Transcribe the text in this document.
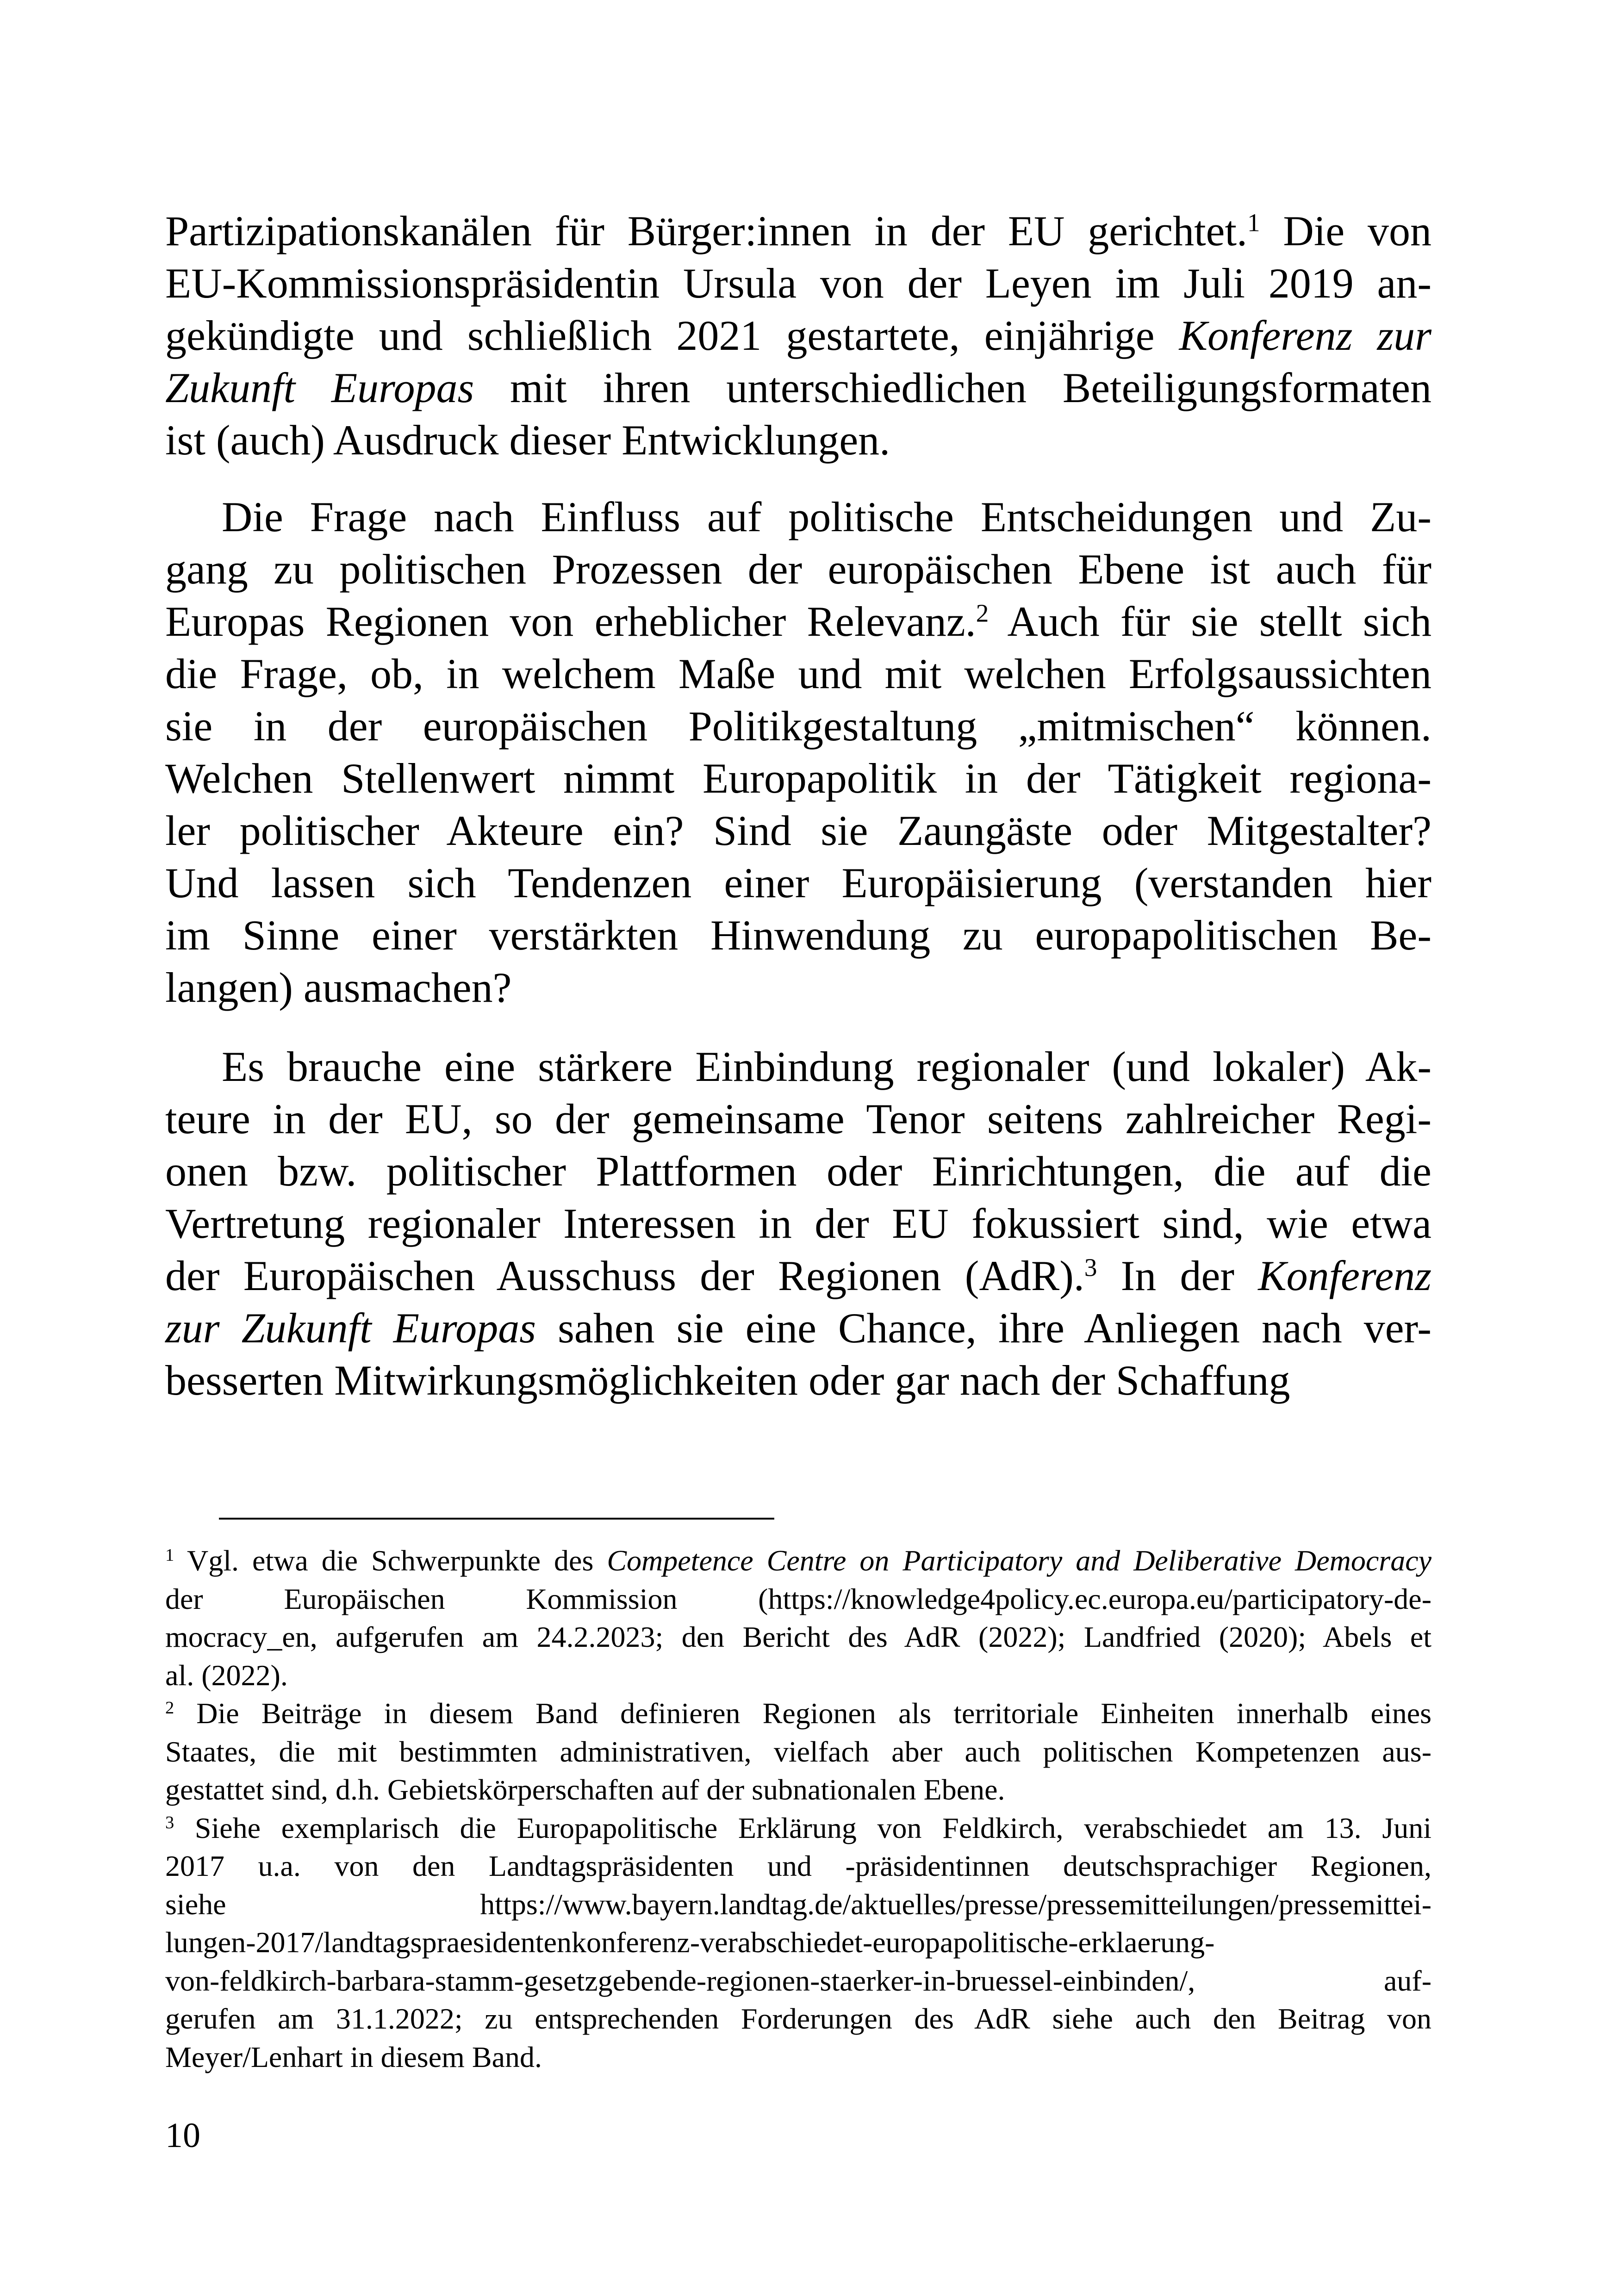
Partizipationskanälen für Bürger:innen in der EU gerichtet.$^1$ Die von
EU-Kommissionspräsidentin Ursula von der Leyen im Juli 2019 an-
gekündigte und schließlich 2021 gestartete, einjährige Konferenz zur
Zukunft Europas mit ihren unterschiedlichen Beteiligungsformaten
ist (auch) Ausdruck dieser Entwicklungen.
Die Frage nach Einfluss auf politische Entscheidungen und Zu-
gang zu politischen Prozessen der europäischen Ebene ist auch für
Europas Regionen von erheblicher Relevanz.$^2$ Auch für sie stellt sich
die Frage, ob, in welchem Maße und mit welchen Erfolgsaussichten
sie in der europäischen Politikgestaltung „mitmischen“ können.
Welchen Stellenwert nimmt Europapolitik in der Tätigkeit regiona-
ler politischer Akteure ein? Sind sie Zaungäste oder Mitgestalter?
Und lassen sich Tendenzen einer Europäisierung (verstanden hier
im Sinne einer verstärkten Hinwendung zu europapolitischen Be-
langen) ausmachen?
Es brauche eine stärkere Einbindung regionaler (und lokaler) Ak-
teure in der EU, so der gemeinsame Tenor seitens zahlreicher Regi-
onen bzw. politischer Plattformen oder Einrichtungen, die auf die
Vertretung regionaler Interessen in der EU fokussiert sind, wie etwa
der Europäischen Ausschuss der Regionen (AdR).$^3$ In der Konferenz
zur Zukunft Europas sahen sie eine Chance, ihre Anliegen nach ver-
besserten Mitwirkungsmöglichkeiten oder gar nach der Schaffung
$^1$ Vgl. etwa die Schwerpunkte des Competence Centre on Participatory and Deliberative Democracy
der Europäischen Kommission (https://knowledge4policy.ec.europa.eu/participatory-de-
mocracy_en, aufgerufen am 24.2.2023; den Bericht des AdR (2022); Landfried (2020); Abels et
al. (2022).
$^2$ Die Beiträge in diesem Band definieren Regionen als territoriale Einheiten innerhalb eines
Staates, die mit bestimmten administrativen, vielfach aber auch politischen Kompetenzen aus-
gestattet sind, d.h. Gebietskörperschaften auf der subnationalen Ebene.
$^3$ Siehe exemplarisch die Europapolitische Erklärung von Feldkirch, verabschiedet am 13. Juni
2017 u.a. von den Landtagspräsidenten und -präsidentinnen deutschsprachiger Regionen,
siehe https://www.bayern.landtag.de/aktuelles/presse/pressemitteilungen/pressemittei-
lungen-2017/landtagspraesidentenkonferenz-verabschiedet-europapolitische-erklaerung-
von-feldkirch-barbara-stamm-gesetzgebende-regionen-staerker-in-bruessel-einbinden/, auf-
gerufen am 31.1.2022; zu entsprechenden Forderungen des AdR siehe auch den Beitrag von
Meyer/Lenhart in diesem Band.
10
